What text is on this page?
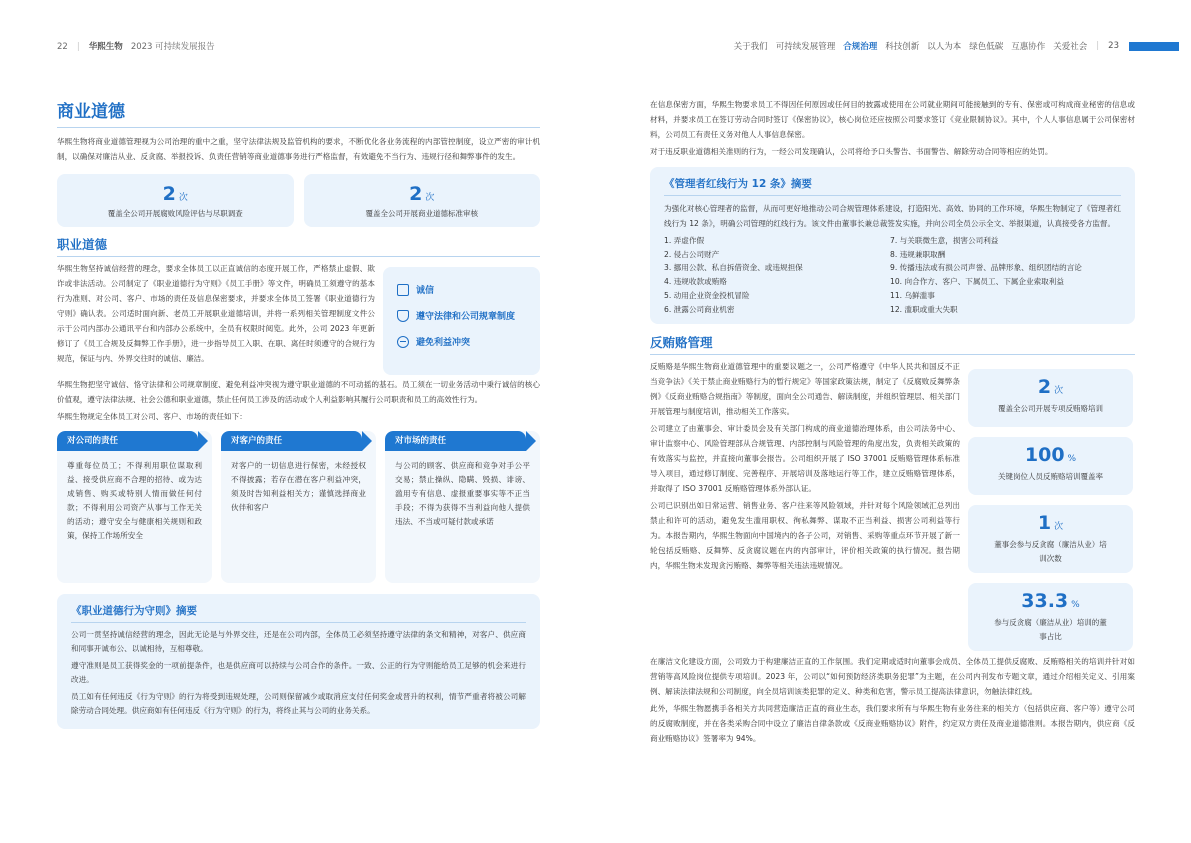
22 | 华熙生物 2023 可持续发展报告	关于我们 可持续发展管理 合规治理 科技创新 以人为本 绿色低碳 互惠协作 关爱社会 | 23
商业道德

华熙生物将商业道德管理视为公司治理的重中之重，坚守法律法规及监管机构的要求，不断优化各业务流程的内部管控制度，设立严密的审计机制，以确保对廉洁从业、反贪腐、举报投诉、负责任营销等商业道德事务进行严格监督，有效避免不当行为、违规行径和舞弊事件的发生。

2 次
覆盖全公司开展腐败风险评估与尽职调查
2 次
覆盖全公司开展商业道德标准审核
职业道德

华熙生物坚持诚信经营的理念，要求全体员工以正直诚信的态度开展工作，严格禁止虚假、欺诈或非法活动。公司制定了《职业道德行为守则》《员工手册》等文件，明确员工须遵守的基本行为准则、对公司、客户、市场的责任及信息保密要求，并要求全体员工签署《职业道德行为守则》确认表。公司适时面向新、老员工开展职业道德培训，并将一系列相关管理制度文件公示于公司内部办公通讯平台和内部办公系统中，全员有权限时阅览。此外，公司 2023 年更新修订了《员工合规及反舞弊工作手册》，进一步指导员工入职、在职、离任时须遵守的合规行为规范，保证与内、外界交往时的诚信、廉洁。

诚信
遵守法律和公司规章制度
避免利益冲突

华熙生物把坚守诚信、恪守法律和公司规章制度、避免利益冲突视为遵守职业道德的不可动摇的基石。员工须在一切业务活动中秉行诚信的核心价值观，遵守法律法规、社会公德和职业道德，禁止任何员工涉及的活动或个人利益影响其履行公司职责和员工的高效性行为。

华熙生物规定全体员工对公司、客户、市场的责任如下：

对公司的责任
尊重每位员工；不得利用职位谋取利益、接受供应商不合理的招待、或为达成销售、购买或特别人情而做任何付款；不得利用公司资产从事与工作无关的活动；遵守安全与健康相关规则和政策，保持工作场所安全
对客户的责任
对客户的一切信息进行保密，未经授权不得披露；若存在潜在客户利益冲突，须及时告知利益相关方；谨慎选择商业伙伴和客户
对市场的责任
与公司的顾客、供应商和竞争对手公平交易；禁止操纵、隐瞒、毁损、诽谤、滥用专有信息、虚报重要事实等不正当手段；不得为获得不当利益向他人提供违法、不当或可疑付款或承诺
《职业道德行为守则》摘要

公司一贯坚持诚信经营的理念，因此无论是与外界交往，还是在公司内部，全体员工必须坚持遵守法律的条文和精神，对客户、供应商和同事开诚布公、以诚相待，互相尊敬。

遵守准则是员工获得奖金的一项前提条件，也是供应商可以持续与公司合作的条件。一致、公正的行为守则能给员工足够的机会来进行改进。

员工如有任何违反《行为守则》的行为将受到违规处理，公司则保留减少或取消应支付任何奖金或晋升的权利，情节严重者将被公司解除劳动合同处理。供应商如有任何违反《行为守则》的行为，将终止其与公司的业务关系。

在信息保密方面，华熙生物要求员工不得因任何原因或任何目的披露或使用在公司就业期间可能接触到的专有、保密或可构成商业秘密的信息或材料，并要求员工在签订劳动合同时签订《保密协议》，核心岗位还应按照公司要求签订《竞业限制协议》。其中，个人人事信息属于公司保密材料，公司员工有责任义务对他人人事信息保密。

对于违反职业道德相关准则的行为，一经公司发现确认，公司将给予口头警告、书面警告、解除劳动合同等相应的处罚。

《管理者红线行为 12 条》摘要

为强化对核心管理者的监督，从而可更好地推动公司合规管理体系建设，打造阳光、高效、协同的工作环境，华熙生物制定了《管理者红线行为 12 条》，明确公司管理的红线行为。该文件由董事长兼总裁签发实施，并向公司全员公示全文、举报渠道，认真接受各方监督。

1. 弄虚作假	7. 与关联微生意，损害公司利益
2. 侵占公司财产	8. 违规兼职取酬
3. 挪用公款、私自拆借资金、或违规担保	9. 传播违法或有损公司声誉、品牌形象、组织团结的言论
4. 违规收款或贿赂	10. 向合作方、客户、下属员工、下属企业索取利益
5. 动用企业资金投机冒险	11. 乌鲜滥事
6. 泄露公司商业机密	12. 滥职或重大失职
反贿赂管理

反贿赂是华熙生物商业道德管理中的重要议题之一，公司严格遵守《中华人民共和国反不正当竞争法》《关于禁止商业贿赂行为的暂行规定》等国家政策法规，制定了《反腐败反舞弊条例》《反商业贿赂合规指南》等制度，面向全公司通告、解读制度，并组织管理层、相关部门开展管理与制度培训，推动相关工作落实。

公司建立了由董事会、审计委员会及有关部门构成的商业道德治理体系，由公司法务中心、审计监察中心、风险管理部从合规管理、内部控制与风险管理的角度出发，负责相关政策的有效落实与监控，并直接向董事会报告。公司组织开展了 ISO 37001 反贿赂管理体系标准导入项目，通过修订制度、完善程序、开展培训及落地运行等工作，建立反贿赂管理体系，并取得了 ISO 37001 反贿赂管理体系外部认证。

公司已识别出如日常运营、销售业务、客户往来等风险领域，并针对每个风险领域汇总列出禁止和许可的活动，避免发生滥用职权、徇私舞弊、谋取不正当利益、损害公司利益等行为。本报告期内，华熙生物面向中国境内的各子公司，对销售、采购等重点环节开展了新一轮包括反贿赂、反舞弊、反贪腐议题在内的内部审计，评价相关政策的执行情况。报告期内，华熙生物未发现贪污贿赂、舞弊等相关违法违规情况。

2 次
覆盖全公司开展专项反贿赂培训
100 %
关键岗位人员反贿赂培训覆盖率
1 次
董事会参与反贪腐（廉洁从业）培训次数
33.3 %
参与反贪腐（廉洁从业）培训的董事占比

在廉洁文化建设方面，公司致力于构建廉洁正直的工作氛围。我们定期或适时向董事会成员、全体员工提供反腐败、反贿赂相关的培训并针对如营销等高风险岗位提供专项培训。2023 年，公司以“如何预防经济类职务犯罪”为主题，在公司内刊发布专题文章，通过介绍相关定义、引用案例、解读法律法规和公司制度，向全员培训该类犯罪的定义、种类和危害，警示员工提高法律意识，勿触法律红线。

此外，华熙生物愿携手各相关方共同营造廉洁正直的商业生态，我们要求所有与华熙生物有业务往来的相关方（包括供应商、客户等）遵守公司的反腐败制度，并在各类采购合同中设立了廉洁自律条款或《反商业贿赂协议》附件，约定双方责任及商业道德准则。本报告期内，供应商《反商业贿赂协议》签署率为 94%。
